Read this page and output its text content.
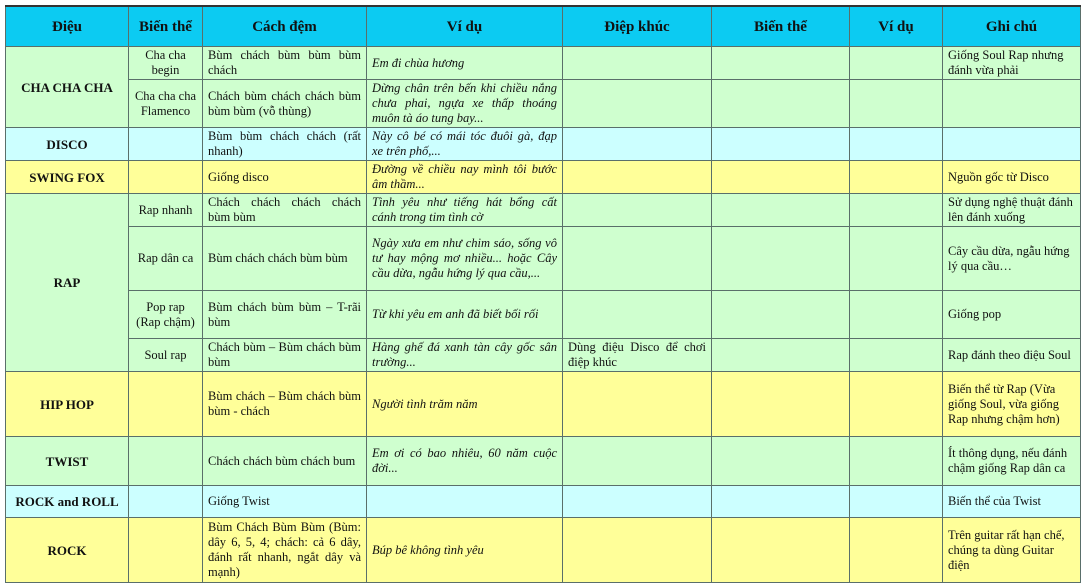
Điệu	Biến thể	Cách đệm	Ví dụ	Điệp khúc	Biến thể	Ví dụ	Ghi chú
CHA CHA CHA	Cha cha begin	Bùm chách bùm bùm bùm chách	Em đi chùa hương				Giống Soul Rap nhưng đánh vừa phải
	Cha cha cha Flamenco	Chách bùm chách chách bùm bùm bùm (vỗ thùng)	Dừng chân trên bến khi chiều nắng chưa phai, ngựa xe thấp thoáng muôn tà áo tung bay...				
DISCO		Bùm bùm chách chách (rất nhanh)	Này cô bé có mái tóc đuôi gà, đạp xe trên phố,...				
SWING FOX		Giống disco	Đường về chiều nay mình tôi bước âm thầm...				Nguồn gốc từ Disco
RAP	Rap nhanh	Chách chách chách chách bùm bùm	Tình yêu như tiếng hát bổng cất cánh trong tim tình cờ				Sử dụng nghệ thuật đánh lên đánh xuống
	Rap dân ca	Bùm chách chách bùm bùm	Ngày xưa em như chim sáo, sống vô tư hay mộng mơ nhiều... hoặc Cây cầu dừa, ngẫu hứng lý qua cầu,...				Cây cầu dừa, ngẫu hứng lý qua cầu…
	Pop rap (Rap chậm)	Bùm chách bùm bùm – T-rãi bùm	Từ khi yêu em anh đã biết bối rối				Giống pop
	Soul rap	Chách bùm – Bùm chách bùm bùm	Hàng ghế đá xanh tàn cây gốc sân trường...	Dùng điệu Disco để chơi điệp khúc			Rap đánh theo điệu Soul
HIP HOP		Bùm chách – Bùm chách bùm bùm - chách	Người tình trăm năm				Biến thể từ Rap (Vừa giống Soul, vừa giống Rap nhưng chậm hơn)
TWIST		Chách chách bùm chách bum	Em ơi có bao nhiêu, 60 năm cuộc đời...				Ít thông dụng, nếu đánh chậm giống Rap dân ca
ROCK and ROLL		Giống Twist					Biến thể của Twist
ROCK		Bùm Chách Bùm Bùm (Bùm: dây 6, 5, 4; chách: cả 6 dây, đánh rất nhanh, ngắt dây và mạnh)	Búp bê không tình yêu				Trên guitar rất hạn chế, chúng ta dùng Guitar điện
